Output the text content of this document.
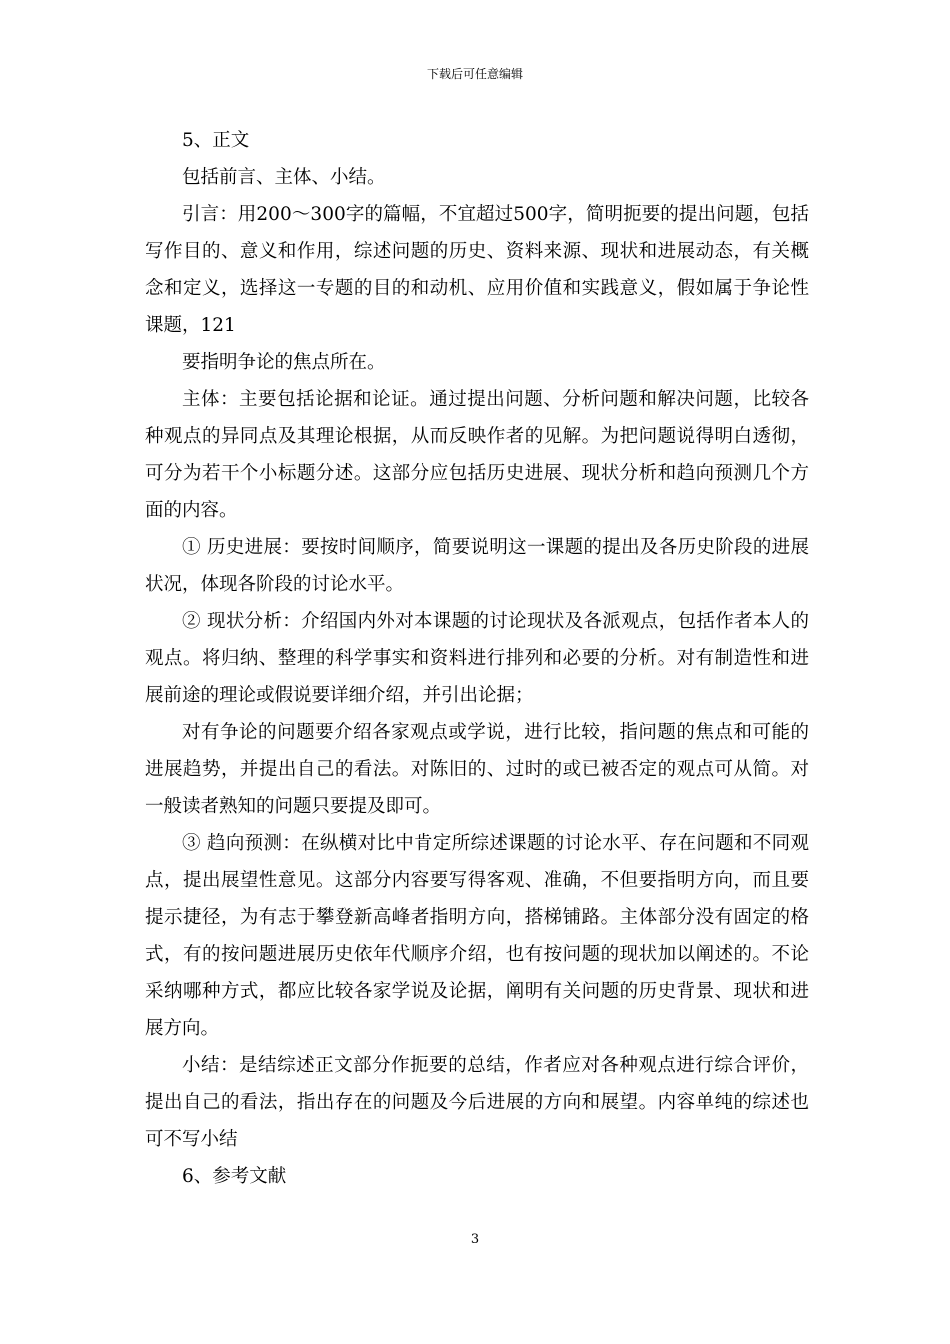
下载后可任意编辑

5、正文

包括前言、主体、小结。

引言：用200～300字的篇幅，不宜超过500字，简明扼要的提出问题，包括写作目的、意义和作用，综述问题的历史、资料来源、现状和进展动态，有关概念和定义，选择这一专题的目的和动机、应用价值和实践意义，假如属于争论性课题，121

要指明争论的焦点所在。

主体：主要包括论据和论证。通过提出问题、分析问题和解决问题，比较各种观点的异同点及其理论根据，从而反映作者的见解。为把问题说得明白透彻，可分为若干个小标题分述。这部分应包括历史进展、现状分析和趋向预测几个方面的内容。

① 历史进展：要按时间顺序，简要说明这一课题的提出及各历史阶段的进展状况，体现各阶段的讨论水平。

② 现状分析：介绍国内外对本课题的讨论现状及各派观点，包括作者本人的观点。将归纳、整理的科学事实和资料进行排列和必要的分析。对有制造性和进展前途的理论或假说要详细介绍，并引出论据；

对有争论的问题要介绍各家观点或学说，进行比较，指问题的焦点和可能的进展趋势，并提出自己的看法。对陈旧的、过时的或已被否定的观点可从简。对一般读者熟知的问题只要提及即可。

③ 趋向预测：在纵横对比中肯定所综述课题的讨论水平、存在问题和不同观点，提出展望性意见。这部分内容要写得客观、准确，不但要指明方向，而且要提示捷径，为有志于攀登新高峰者指明方向，搭梯铺路。主体部分没有固定的格式，有的按问题进展历史依年代顺序介绍，也有按问题的现状加以阐述的。不论采纳哪种方式，都应比较各家学说及论据，阐明有关问题的历史背景、现状和进展方向。

小结：是结综述正文部分作扼要的总结，作者应对各种观点进行综合评价，提出自己的看法，指出存在的问题及今后进展的方向和展望。内容单纯的综述也可不写小结

6、参考文献

3
